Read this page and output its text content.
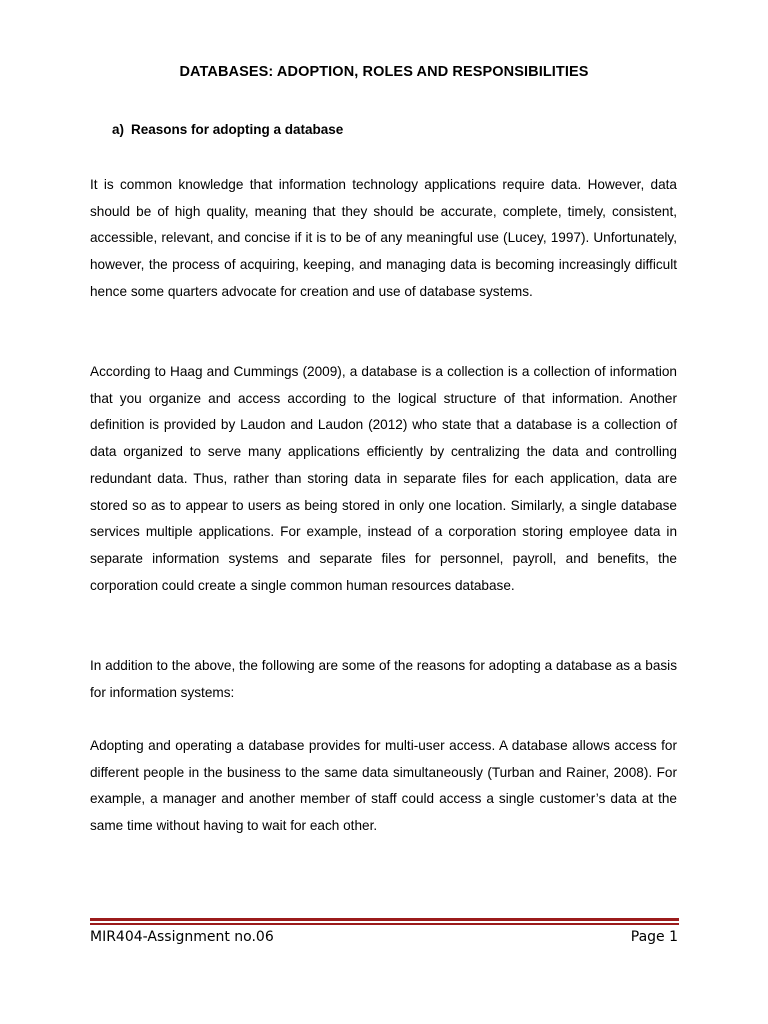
DATABASES: ADOPTION, ROLES AND RESPONSIBILITIES
a) Reasons for adopting a database

It is common knowledge that information technology applications require data. However, data should be of high quality, meaning that they should be accurate, complete, timely, consistent, accessible, relevant, and concise if it is to be of any meaningful use (Lucey, 1997). Unfortunately, however, the process of acquiring, keeping, and managing data is becoming increasingly difficult hence some quarters advocate for creation and use of database systems.

According to Haag and Cummings (2009), a database is a collection is a collection of information that you organize and access according to the logical structure of that information. Another definition is provided by Laudon and Laudon (2012) who state that a database is a collection of data organized to serve many applications efficiently by centralizing the data and controlling redundant data. Thus, rather than storing data in separate files for each application, data are stored so as to appear to users as being stored in only one location. Similarly, a single database services multiple applications. For example, instead of a corporation storing employee data in separate information systems and separate files for personnel, payroll, and benefits, the corporation could create a single common human resources database.

In addition to the above, the following are some of the reasons for adopting a database as a basis for information systems:

Adopting and operating a database provides for multi-user access. A database allows access for different people in the business to the same data simultaneously (Turban and Rainer, 2008). For example, a manager and another member of staff could access a single customer’s data at the same time without having to wait for each other.

MIR404-Assignment no.06	Page 1
